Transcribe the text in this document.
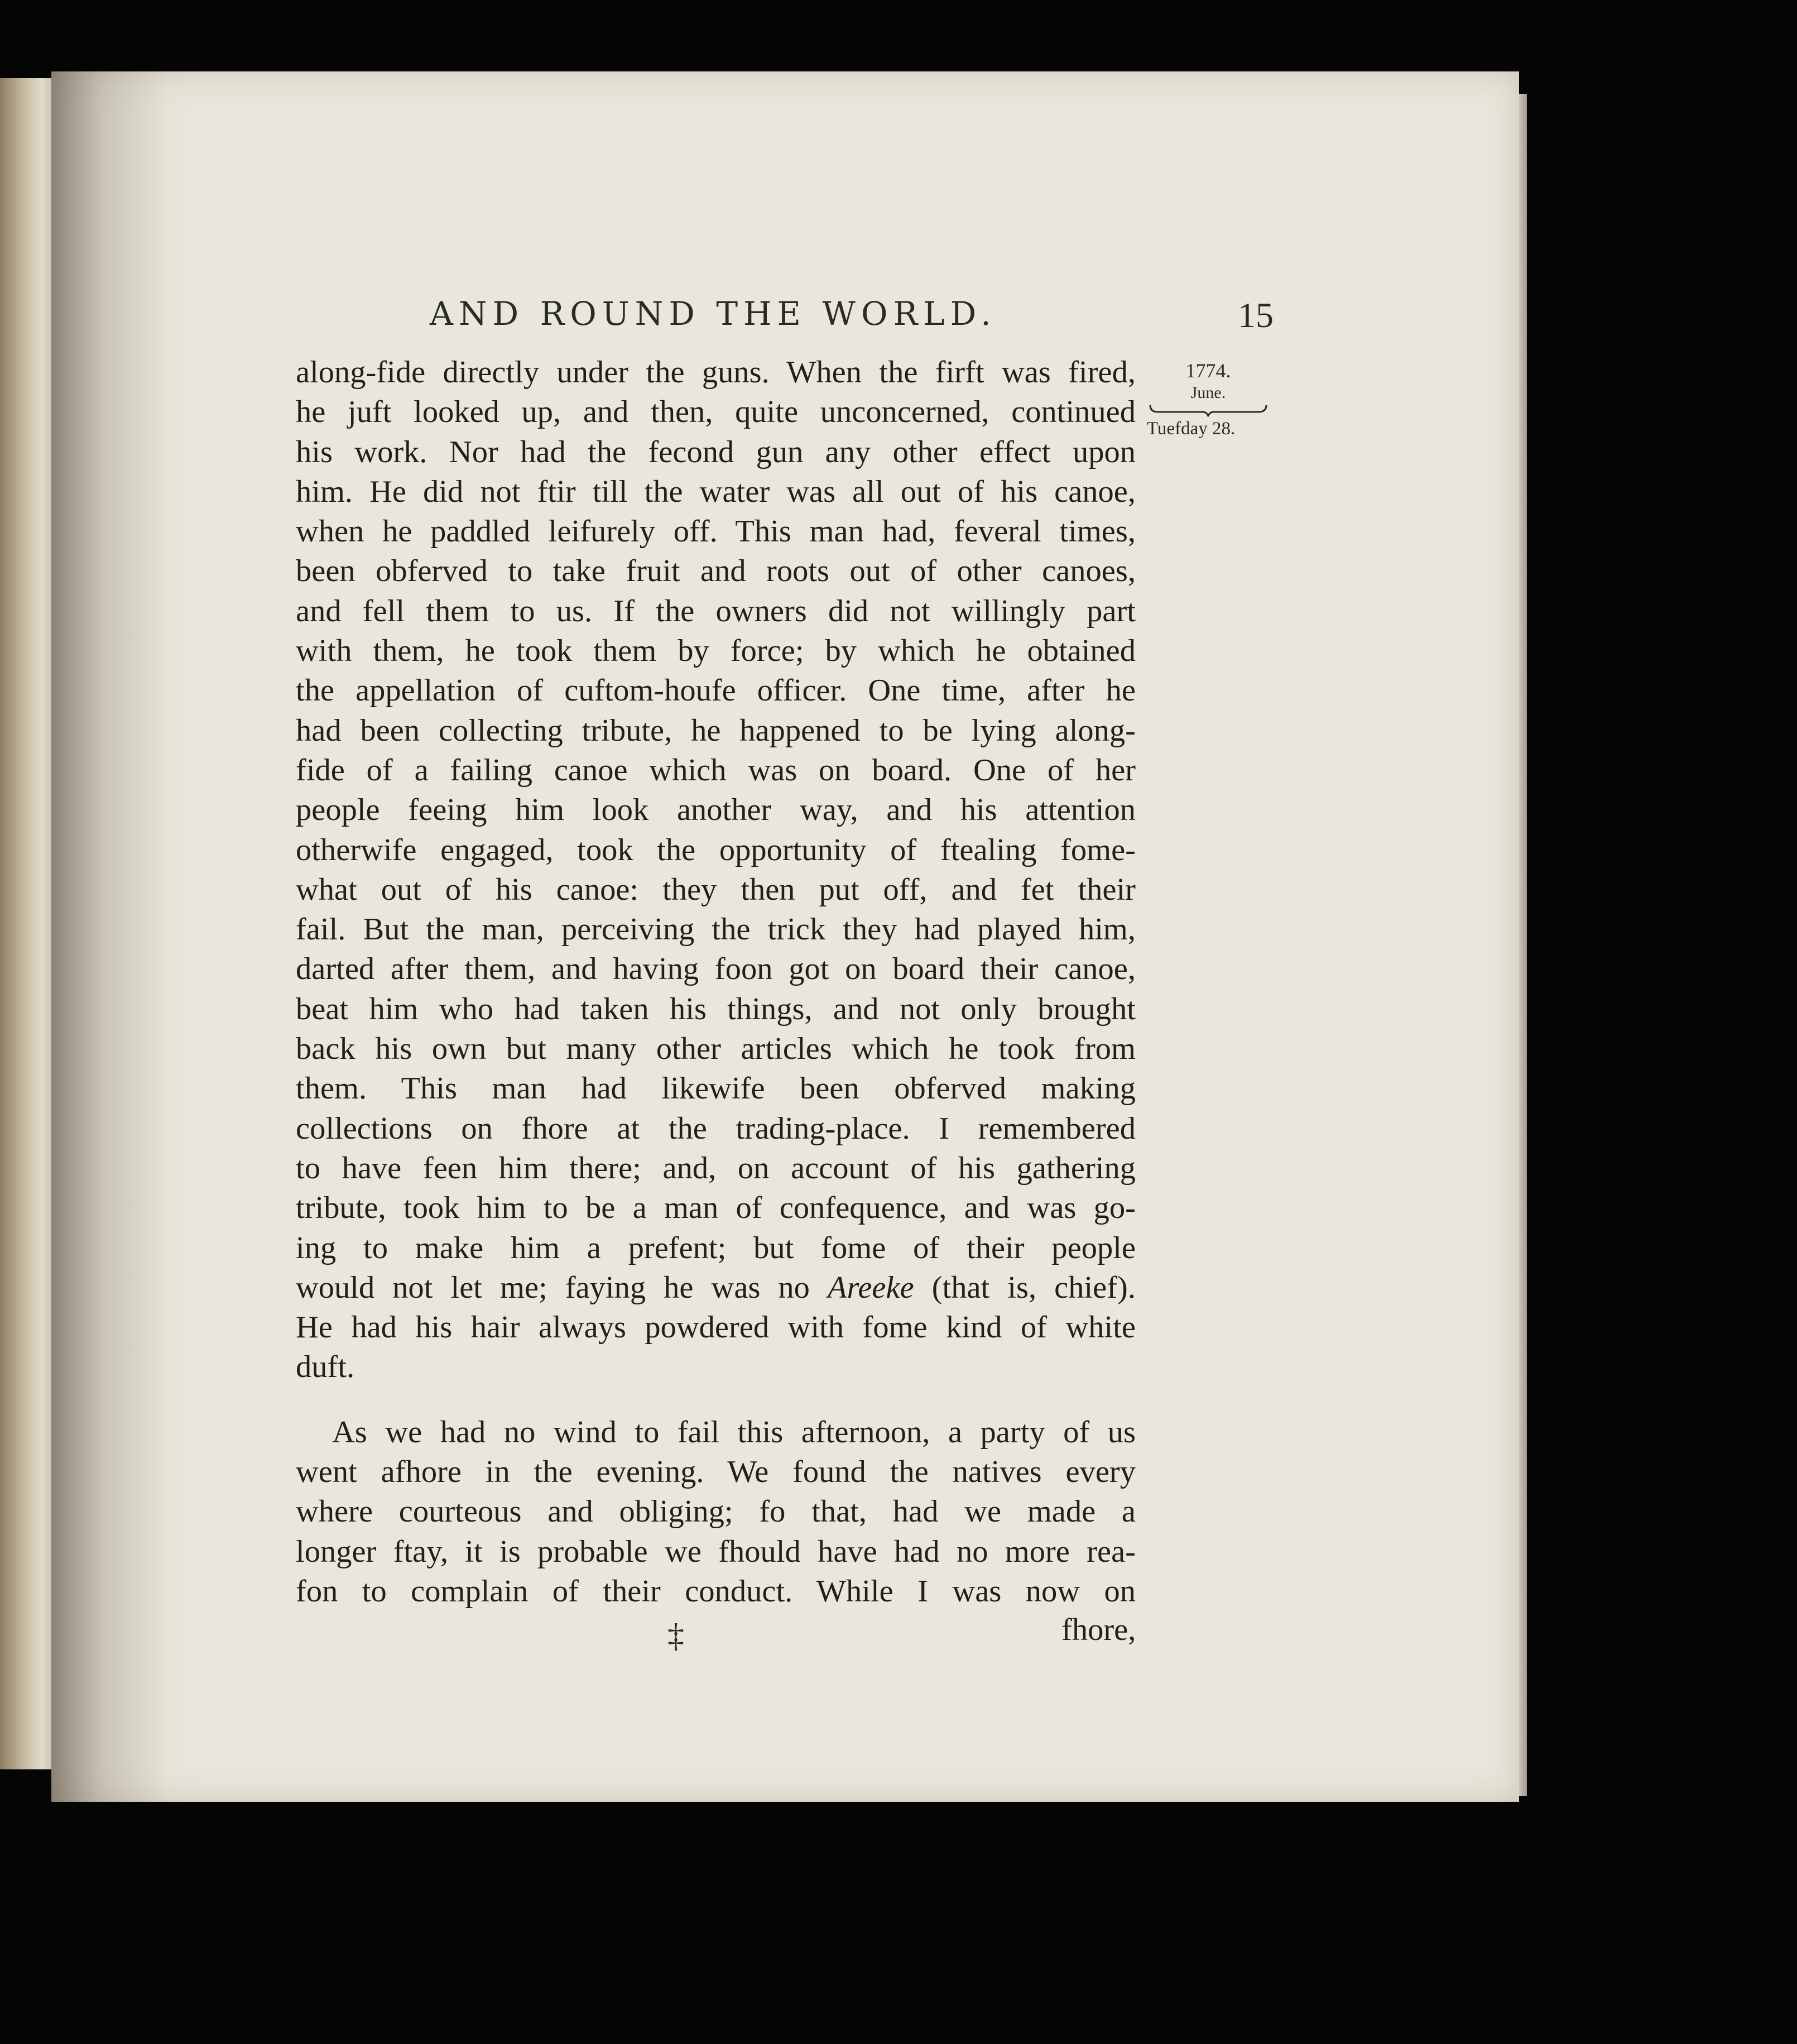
AND ROUND THE WORLD.	15
1774.
June.
Tuefday 28.
along-fide directly under the guns. When the firft was fired,
he juft looked up, and then, quite unconcerned, continued
his work. Nor had the fecond gun any other effect upon
him. He did not ftir till the water was all out of his canoe,
when he paddled leifurely off. This man had, feveral times,
been obferved to take fruit and roots out of other canoes,
and fell them to us. If the owners did not willingly part
with them, he took them by force; by which he obtained
the appellation of cuftom-houfe officer. One time, after he
had been collecting tribute, he happened to be lying along-
fide of a failing canoe which was on board. One of her
people feeing him look another way, and his attention
otherwife engaged, took the opportunity of ftealing fome-
what out of his canoe: they then put off, and fet their
fail. But the man, perceiving the trick they had played him,
darted after them, and having foon got on board their canoe,
beat him who had taken his things, and not only brought
back his own but many other articles which he took from
them. This man had likewife been obferved making
collections on fhore at the trading-place. I remembered
to have feen him there; and, on account of his gathering
tribute, took him to be a man of confequence, and was go-
ing to make him a prefent; but fome of their people
would not let me; faying he was no Areeke (that is, chief).
He had his hair always powdered with fome kind of white
duft.
As we had no wind to fail this afternoon, a party of us
went afhore in the evening. We found the natives every
where courteous and obliging; fo that, had we made a
longer ftay, it is probable we fhould have had no more rea-
fon to complain of their conduct. While I was now on
‡	fhore,
